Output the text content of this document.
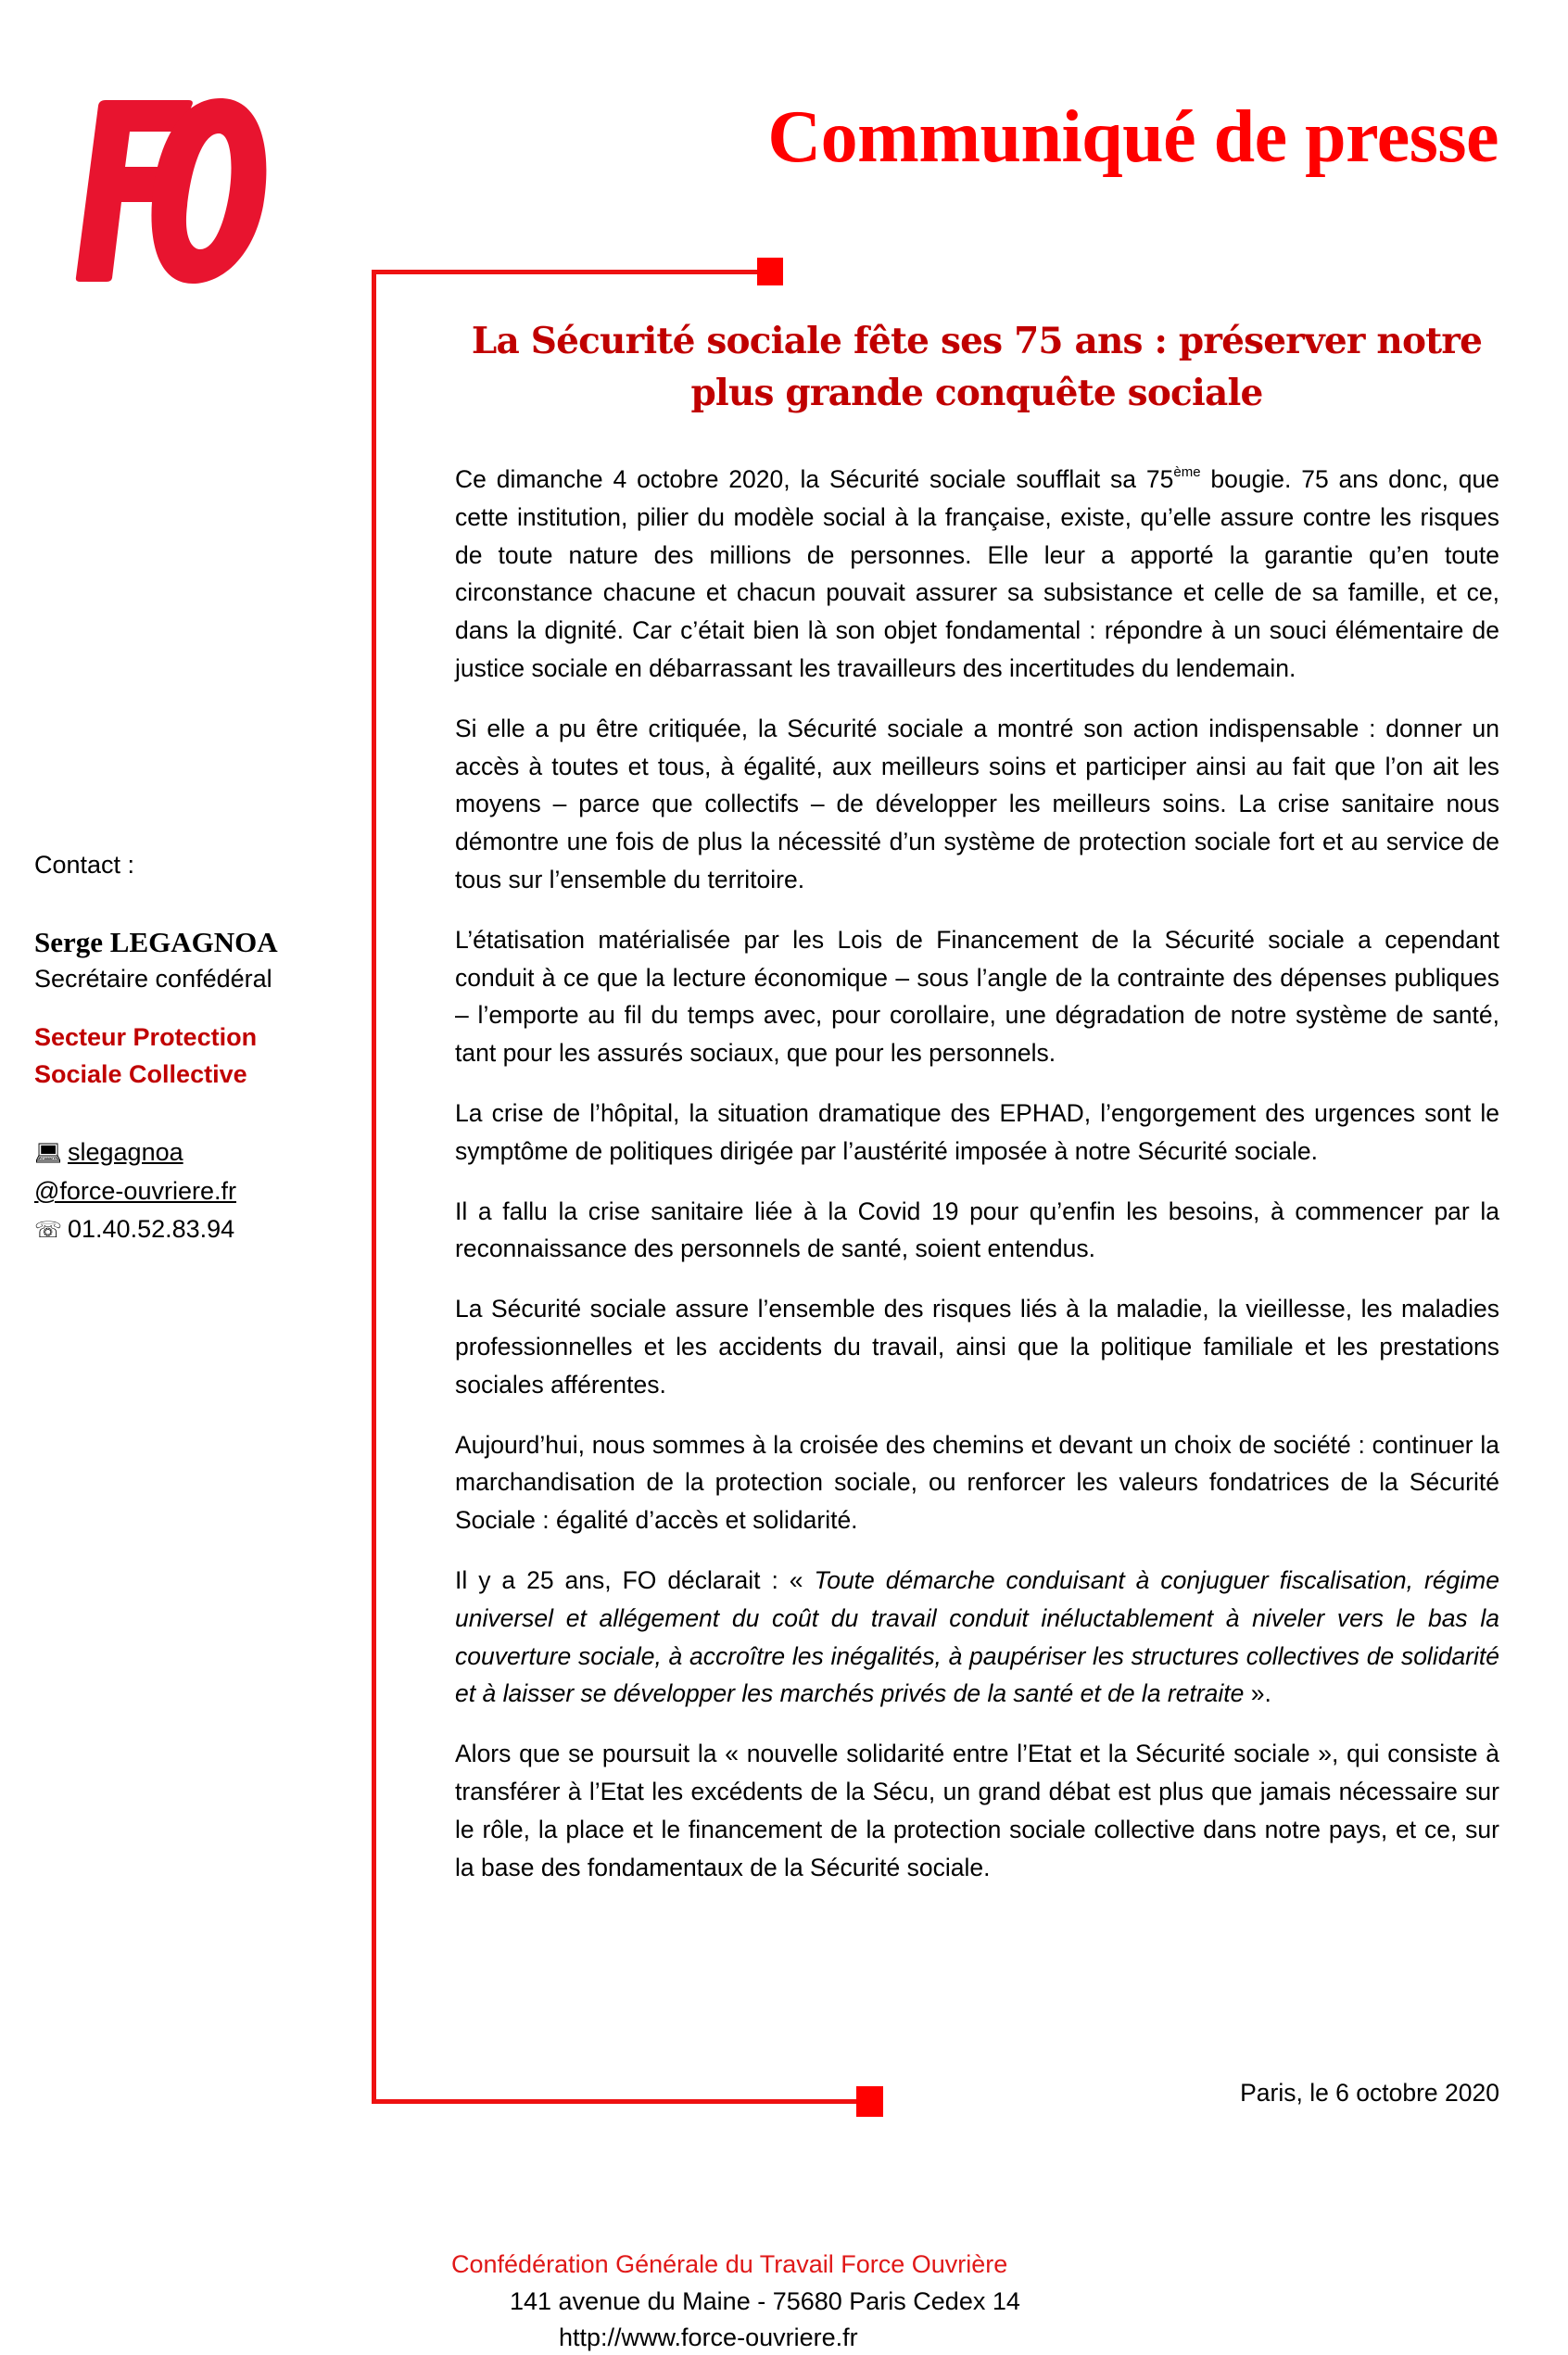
Communiqué de presse
La Sécurité sociale fête ses 75 ans : préserver notre
plus grande conquête sociale

Ce dimanche 4 octobre 2020, la Sécurité sociale soufflait sa 75ème bougie. 75 ans donc, que cette institution, pilier du modèle social à la française, existe, qu’elle assure contre les risques de toute nature des millions de personnes. Elle leur a apporté la garantie qu’en toute circonstance chacune et chacun pouvait assurer sa subsistance et celle de sa famille, et ce, dans la dignité. Car c’était bien là son objet fondamental : répondre à un souci élémentaire de justice sociale en débarrassant les travailleurs des incertitudes du lendemain.

Si elle a pu être critiquée, la Sécurité sociale a montré son action indispensable : donner un accès à toutes et tous, à égalité, aux meilleurs soins et participer ainsi au fait que l’on ait les moyens – parce que collectifs – de développer les meilleurs soins. La crise sanitaire nous démontre une fois de plus la nécessité d’un système de protection sociale fort et au service de tous sur l’ensemble du territoire.

L’étatisation matérialisée par les Lois de Financement de la Sécurité sociale a cependant conduit à ce que la lecture économique – sous l’angle de la contrainte des dépenses publiques – l’emporte au fil du temps avec, pour corollaire, une dégradation de notre système de santé, tant pour les assurés sociaux, que pour les personnels.

La crise de l’hôpital, la situation dramatique des EPHAD, l’engorgement des urgences sont le symptôme de politiques dirigée par l’austérité imposée à notre Sécurité sociale.

Il a fallu la crise sanitaire liée à la Covid 19 pour qu’enfin les besoins, à commencer par la reconnaissance des personnels de santé, soient entendus.

La Sécurité sociale assure l’ensemble des risques liés à la maladie, la vieillesse, les maladies professionnelles et les accidents du travail, ainsi que la politique familiale et les prestations sociales afférentes.

Aujourd’hui, nous sommes à la croisée des chemins et devant un choix de société : continuer la marchandisation de la protection sociale, ou renforcer les valeurs fondatrices de la Sécurité Sociale : égalité d’accès et solidarité.

Il y a 25 ans, FO déclarait : « Toute démarche conduisant à conjuguer fiscalisation, régime universel et allégement du coût du travail conduit inéluctablement à niveler vers le bas la couverture sociale, à accroître les inégalités, à paupériser les structures collectives de solidarité et à laisser se développer les marchés privés de la santé et de la retraite ».

Alors que se poursuit la « nouvelle solidarité entre l’Etat et la Sécurité sociale », qui consiste à transférer à l’Etat les excédents de la Sécu, un grand débat est plus que jamais nécessaire sur le rôle, la place et le financement de la protection sociale collective dans notre pays, et ce, sur la base des fondamentaux de la Sécurité sociale.

Paris, le 6 octobre 2020
Contact :
Serge LEGAGNOA
Secrétaire confédéral
Secteur Protection
Sociale Collective
💻︎ slegagnoa
@force-ouvriere.fr
☏ 01.40.52.83.94
Confédération Générale du Travail Force Ouvrière
141 avenue du Maine - 75680 Paris Cedex 14
http://www.force-ouvriere.fr
